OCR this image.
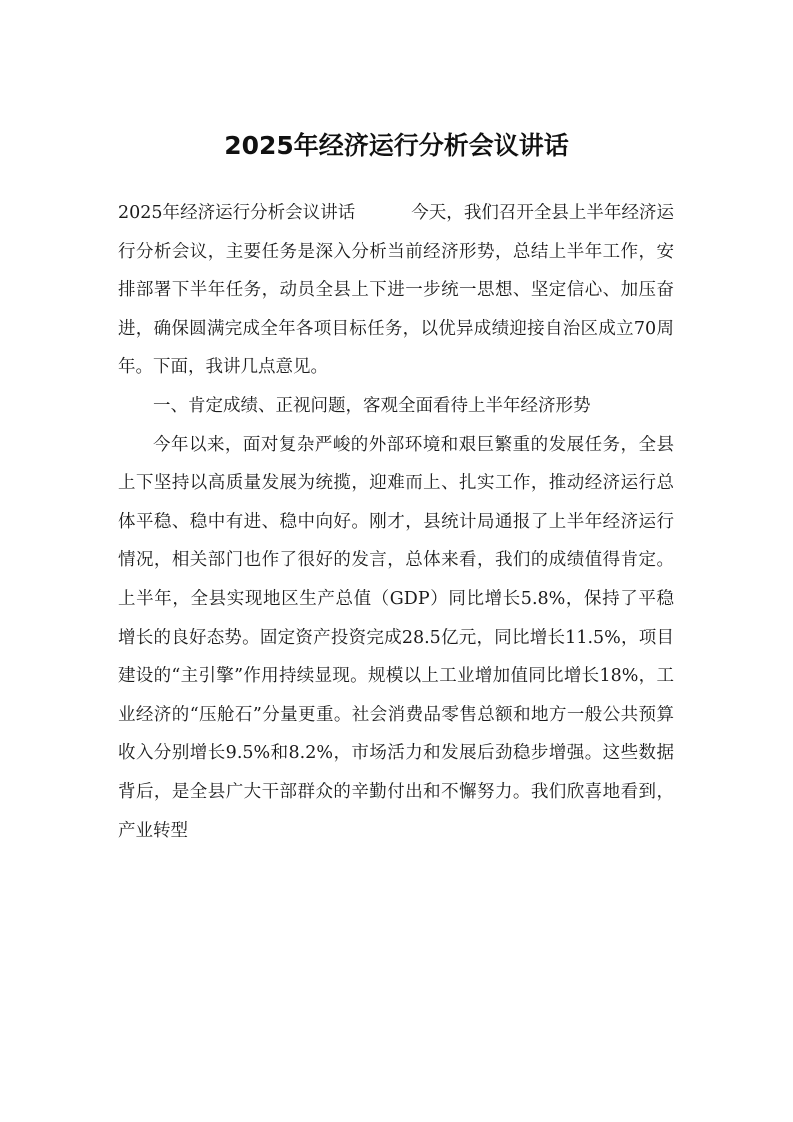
2025年经济运行分析会议讲话

2025年经济运行分析会议讲话	今天，我们召开全县上半年经济运行分析会议，主要任务是深入分析当前经济形势，总结上半年工作，安排部署下半年任务，动员全县上下进一步统一思想、坚定信心、加压奋进，确保圆满完成全年各项目标任务，以优异成绩迎接自治区成立70周年。下面，我讲几点意见。

一、肯定成绩、正视问题，客观全面看待上半年经济形势

今年以来，面对复杂严峻的外部环境和艰巨繁重的发展任务，全县上下坚持以高质量发展为统揽，迎难而上、扎实工作，推动经济运行总体平稳、稳中有进、稳中向好。刚才，县统计局通报了上半年经济运行情况，相关部门也作了很好的发言，总体来看，我们的成绩值得肯定。上半年，全县实现地区生产总值（GDP）同比增长5.8%，保持了平稳增长的良好态势。固定资产投资完成28.5亿元，同比增长11.5%，项目建设的“主引擎”作用持续显现。规模以上工业增加值同比增长18%，工业经济的“压舱石”分量更重。社会消费品零售总额和地方一般公共预算收入分别增长9.5%和8.2%，市场活力和发展后劲稳步增强。这些数据背后，是全县广大干部群众的辛勤付出和不懈努力。我们欣喜地看到，产业转型
